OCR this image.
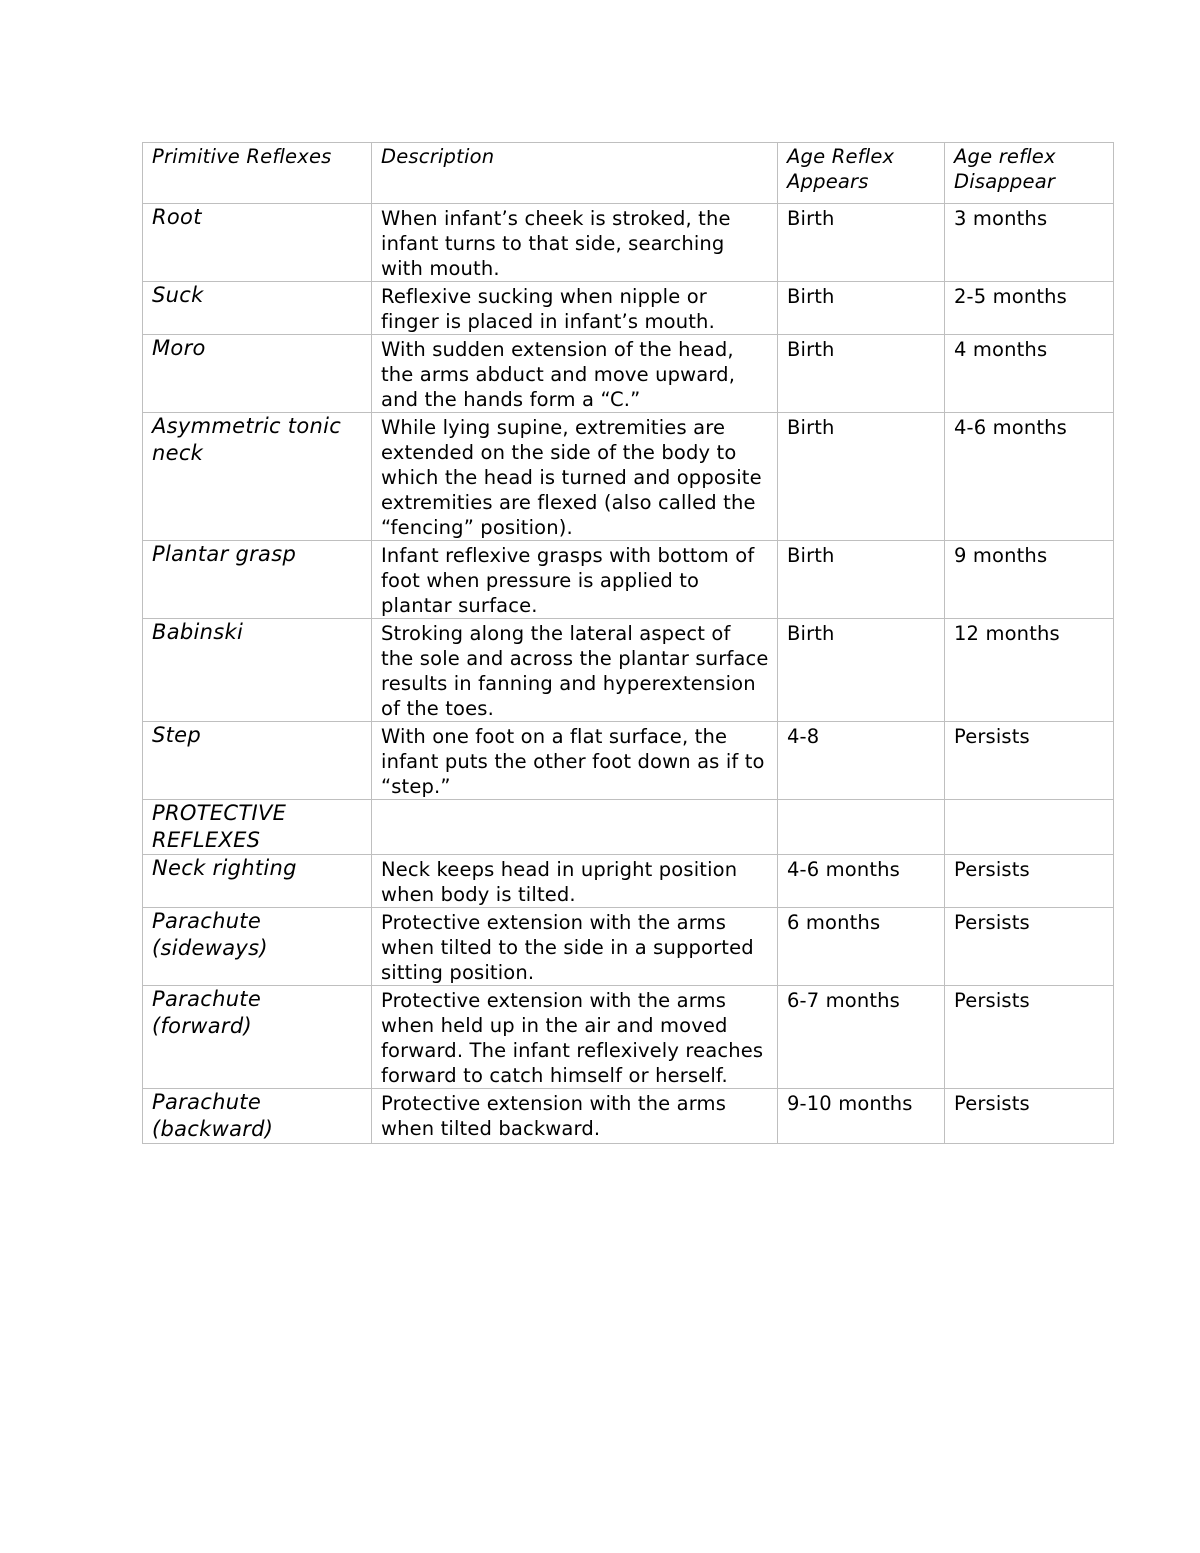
Primitive Reflexes	Description	Age Reflex Appears	Age reflex Disappear
Root	When infant’s cheek is stroked, the infant turns to that side, searching with mouth.	Birth	3 months
Suck	Reflexive sucking when nipple or finger is placed in infant’s mouth.	Birth	2-5 months
Moro	With sudden extension of the head, the arms abduct and move upward, and the hands form a “C.”	Birth	4 months
Asymmetric tonic neck	While lying supine, extremities are extended on the side of the body to which the head is turned and opposite extremities are flexed (also called the “fencing” position).	Birth	4-6 months
Plantar grasp	Infant reflexive grasps with bottom of foot when pressure is applied to plantar surface.	Birth	9 months
Babinski	Stroking along the lateral aspect of the sole and across the plantar surface results in fanning and hyperextension of the toes.	Birth	12 months
Step	With one foot on a flat surface, the infant puts the other foot down as if to “step.”	4-8	Persists
PROTECTIVE REFLEXES			
Neck righting	Neck keeps head in upright position when body is tilted.	4-6 months	Persists
Parachute (sideways)	Protective extension with the arms when tilted to the side in a supported sitting position.	6 months	Persists
Parachute (forward)	Protective extension with the arms when held up in the air and moved forward. The infant reflexively reaches forward to catch himself or herself.	6-7 months	Persists
Parachute (backward)	Protective extension with the arms when tilted backward.	9-10 months	Persists
